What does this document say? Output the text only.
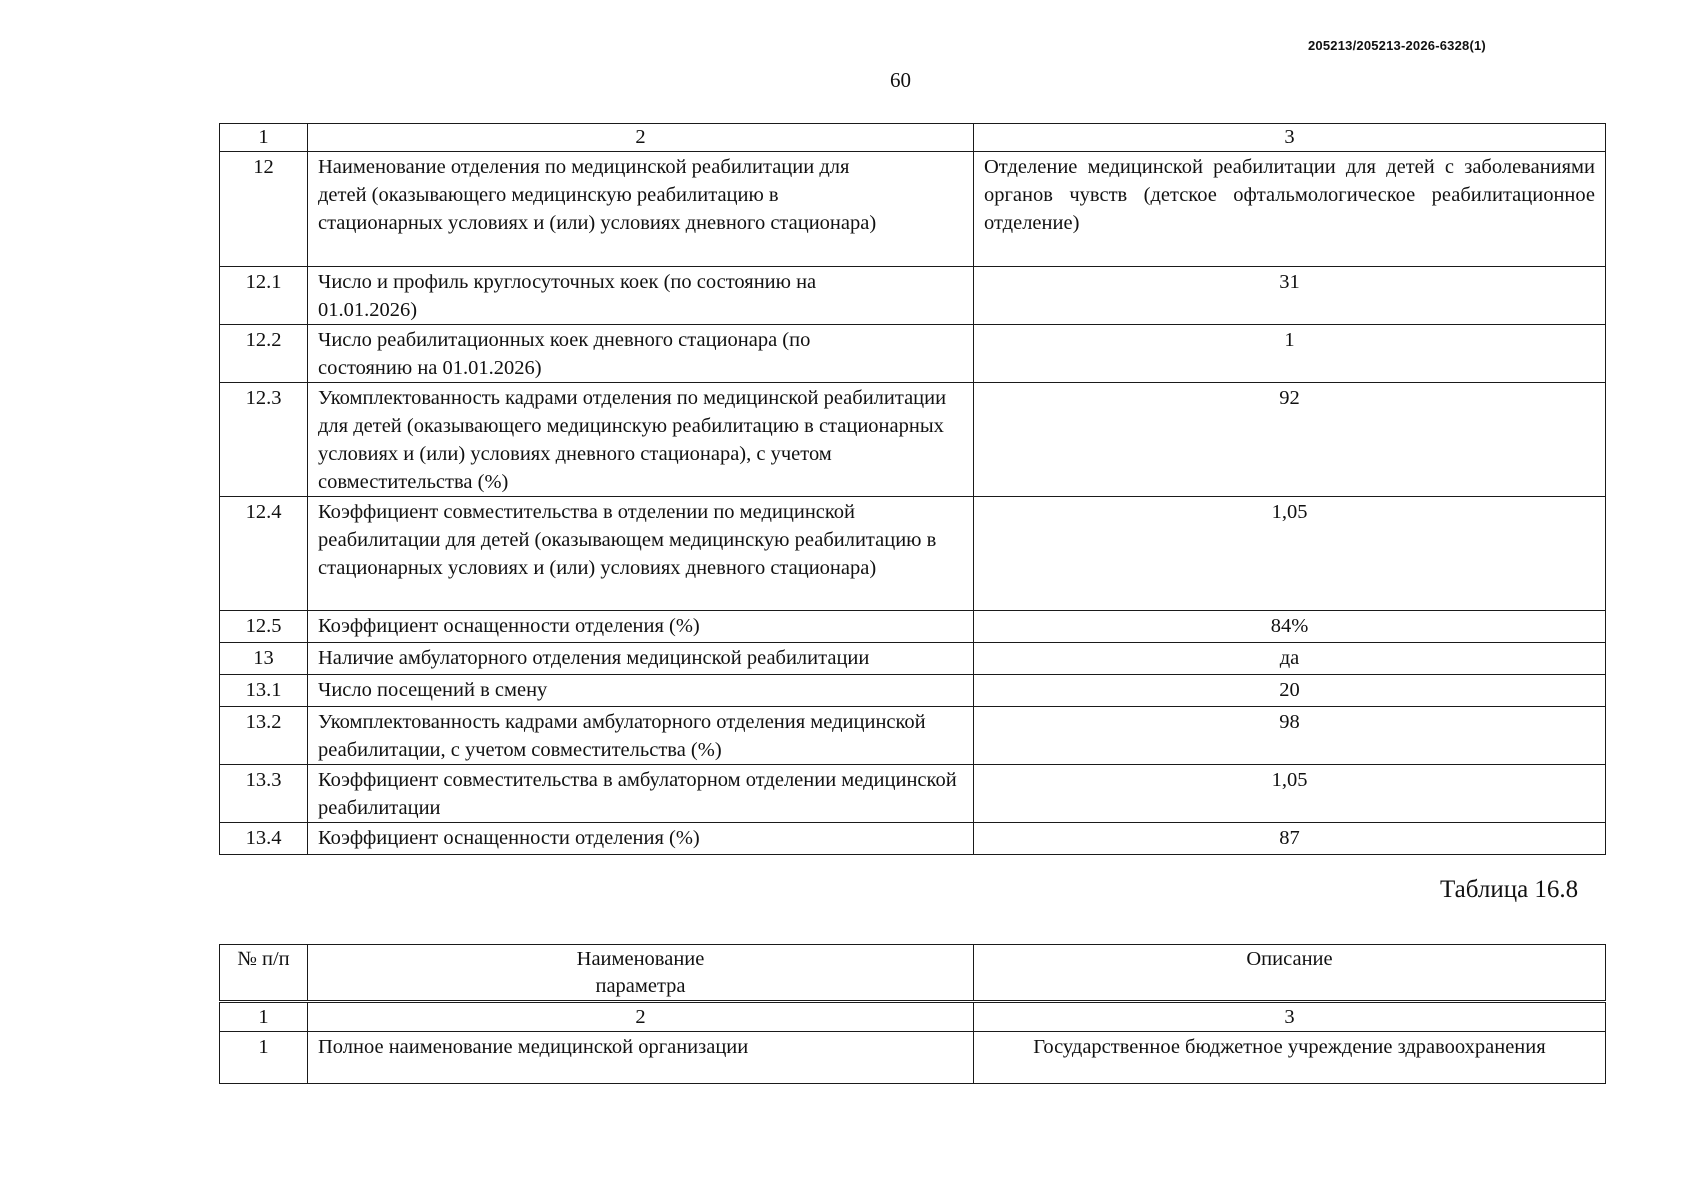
205213/205213-2026-6328(1)
60
1	2	3
12	Наименование отделения по медицинской реабилитации для детей (оказывающего медицинскую реабилитацию в стационарных условиях и (или) условиях дневного стационара)	Отделение медицинской реабилитации для детей с заболеваниями органов чувств (детское офтальмологическое реабилитационное отделение)
12.1	Число и профиль круглосуточных коек (по состоянию на 01.01.2026)	31
12.2	Число реабилитационных коек дневного стационара (по состоянию на 01.01.2026)	1
12.3	Укомплектованность кадрами отделения по медицинской реабилитации для детей (оказывающего медицинскую реабилитацию в стационарных условиях и (или) условиях дневного стационара), с учетом совместительства (%)	92
12.4	Коэффициент совместительства в отделении по медицинской реабилитации для детей (оказывающем медицинскую реабилитацию в стационарных условиях и (или) условиях дневного стационара)	1,05
12.5	Коэффициент оснащенности отделения (%)	84%
13	Наличие амбулаторного отделения медицинской реабилитации	да
13.1	Число посещений в смену	20
13.2	Укомплектованность кадрами амбулаторного отделения медицинской реабилитации, с учетом совместительства (%)	98
13.3	Коэффициент совместительства в амбулаторном отделении медицинской реабилитации	1,05
13.4	Коэффициент оснащенности отделения (%)	87
Таблица 16.8
№ п/п	Наименование параметра	Описание
1	2	3
1	Полное наименование медицинской организации	Государственное бюджетное учреждение здравоохранения
